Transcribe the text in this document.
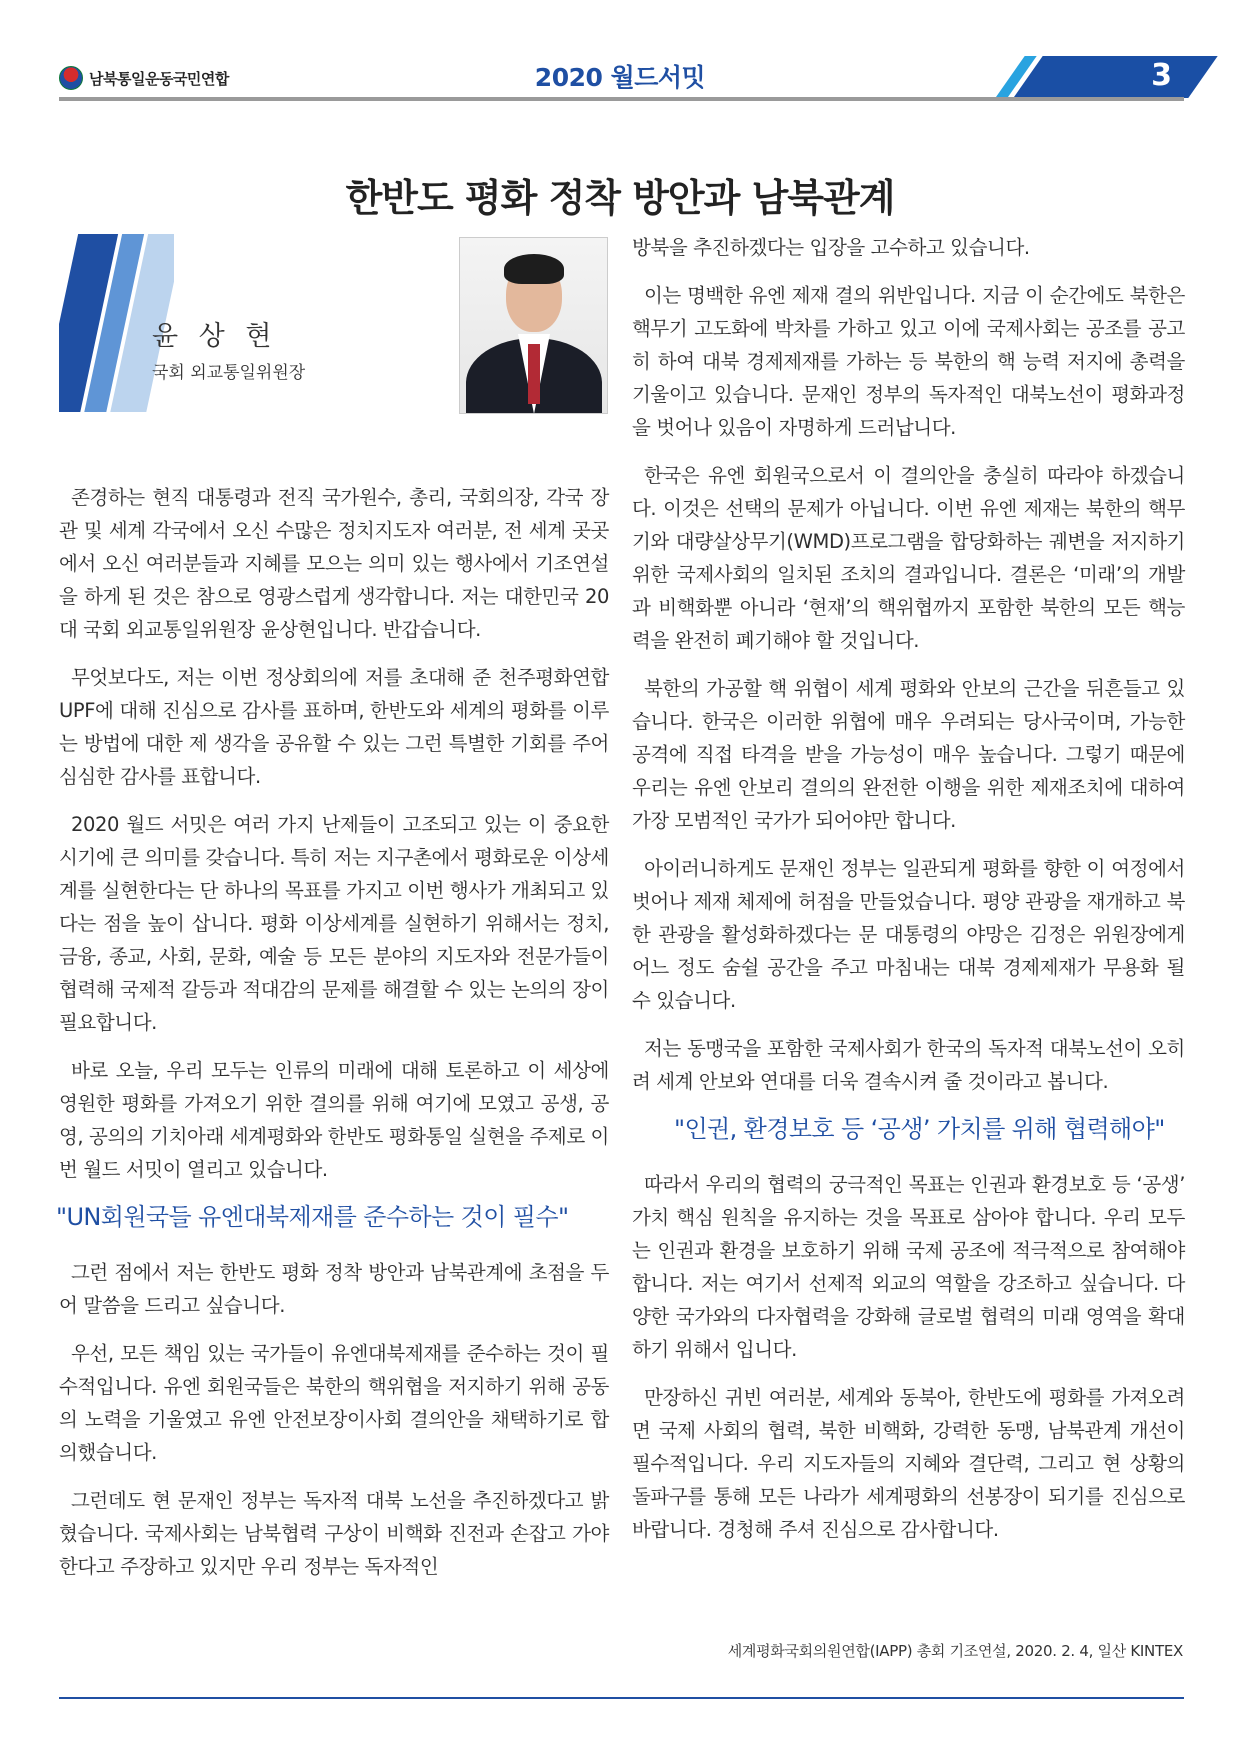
남북통일운동국민연합	2020 월드서밋	3
한반도 평화 정착 방안과 남북관계
윤 상 현
국회 외교통일위원장

존경하는 현직 대통령과 전직 국가원수, 총리, 국회의장, 각국 장관 및 세계 각국에서 오신 수많은 정치지도자 여러분, 전 세계 곳곳에서 오신 여러분들과 지혜를 모으는 의미 있는 행사에서 기조연설을 하게 된 것은 참으로 영광스럽게 생각합니다. 저는 대한민국 20대 국회 외교통일위원장 윤상현입니다. 반갑습니다.

무엇보다도, 저는 이번 정상회의에 저를 초대해 준 천주평화연합UPF에 대해 진심으로 감사를 표하며, 한반도와 세계의 평화를 이루는 방법에 대한 제 생각을 공유할 수 있는 그런 특별한 기회를 주어 심심한 감사를 표합니다.

2020 월드 서밋은 여러 가지 난제들이 고조되고 있는 이 중요한 시기에 큰 의미를 갖습니다. 특히 저는 지구촌에서 평화로운 이상세계를 실현한다는 단 하나의 목표를 가지고 이번 행사가 개최되고 있다는 점을 높이 삽니다. 평화 이상세계를 실현하기 위해서는 정치, 금융, 종교, 사회, 문화, 예술 등 모든 분야의 지도자와 전문가들이 협력해 국제적 갈등과 적대감의 문제를 해결할 수 있는 논의의 장이 필요합니다.

바로 오늘, 우리 모두는 인류의 미래에 대해 토론하고 이 세상에 영원한 평화를 가져오기 위한 결의를 위해 여기에 모였고 공생, 공영, 공의의 기치아래 세계평화와 한반도 평화통일 실현을 주제로 이번 월드 서밋이 열리고 있습니다.

"UN회원국들 유엔대북제재를 준수하는 것이 필수"

그런 점에서 저는 한반도 평화 정착 방안과 남북관계에 초점을 두어 말씀을 드리고 싶습니다.

우선, 모든 책임 있는 국가들이 유엔대북제재를 준수하는 것이 필수적입니다. 유엔 회원국들은 북한의 핵위협을 저지하기 위해 공동의 노력을 기울였고 유엔 안전보장이사회 결의안을 채택하기로 합의했습니다.

그런데도 현 문재인 정부는 독자적 대북 노선을 추진하겠다고 밝혔습니다. 국제사회는 남북협력 구상이 비핵화 진전과 손잡고 가야 한다고 주장하고 있지만 우리 정부는 독자적인

방북을 추진하겠다는 입장을 고수하고 있습니다.

이는 명백한 유엔 제재 결의 위반입니다. 지금 이 순간에도 북한은 핵무기 고도화에 박차를 가하고 있고 이에 국제사회는 공조를 공고히 하여 대북 경제제재를 가하는 등 북한의 핵 능력 저지에 총력을 기울이고 있습니다. 문재인 정부의 독자적인 대북노선이 평화과정을 벗어나 있음이 자명하게 드러납니다.

한국은 유엔 회원국으로서 이 결의안을 충실히 따라야 하겠습니다. 이것은 선택의 문제가 아닙니다. 이번 유엔 제재는 북한의 핵무기와 대량살상무기(WMD)프로그램을 합당화하는 궤변을 저지하기 위한 국제사회의 일치된 조치의 결과입니다. 결론은 ‘미래’의 개발과 비핵화뿐 아니라 ‘현재’의 핵위협까지 포함한 북한의 모든 핵능력을 완전히 폐기해야 할 것입니다.

북한의 가공할 핵 위협이 세계 평화와 안보의 근간을 뒤흔들고 있습니다. 한국은 이러한 위협에 매우 우려되는 당사국이며, 가능한 공격에 직접 타격을 받을 가능성이 매우 높습니다. 그렇기 때문에 우리는 유엔 안보리 결의의 완전한 이행을 위한 제재조치에 대하여 가장 모범적인 국가가 되어야만 합니다.

아이러니하게도 문재인 정부는 일관되게 평화를 향한 이 여정에서 벗어나 제재 체제에 허점을 만들었습니다. 평양 관광을 재개하고 북한 관광을 활성화하겠다는 문 대통령의 야망은 김정은 위원장에게 어느 정도 숨쉴 공간을 주고 마침내는 대북 경제제재가 무용화 될 수 있습니다.

저는 동맹국을 포함한 국제사회가 한국의 독자적 대북노선이 오히려 세계 안보와 연대를 더욱 결속시켜 줄 것이라고 봅니다.

"인권, 환경보호 등 ‘공생’ 가치를 위해 협력해야"

따라서 우리의 협력의 궁극적인 목표는 인권과 환경보호 등 ‘공생’ 가치 핵심 원칙을 유지하는 것을 목표로 삼아야 합니다. 우리 모두는 인권과 환경을 보호하기 위해 국제 공조에 적극적으로 참여해야 합니다. 저는 여기서 선제적 외교의 역할을 강조하고 싶습니다. 다양한 국가와의 다자협력을 강화해 글로벌 협력의 미래 영역을 확대하기 위해서 입니다.

만장하신 귀빈 여러분, 세계와 동북아, 한반도에 평화를 가져오려면 국제 사회의 협력, 북한 비핵화, 강력한 동맹, 남북관계 개선이 필수적입니다. 우리 지도자들의 지혜와 결단력, 그리고 현 상황의 돌파구를 통해 모든 나라가 세계평화의 선봉장이 되기를 진심으로 바랍니다. 경청해 주셔 진심으로 감사합니다.

세계평화국회의원연합(IAPP) 총회 기조연설, 2020. 2. 4, 일산 KINTEX
